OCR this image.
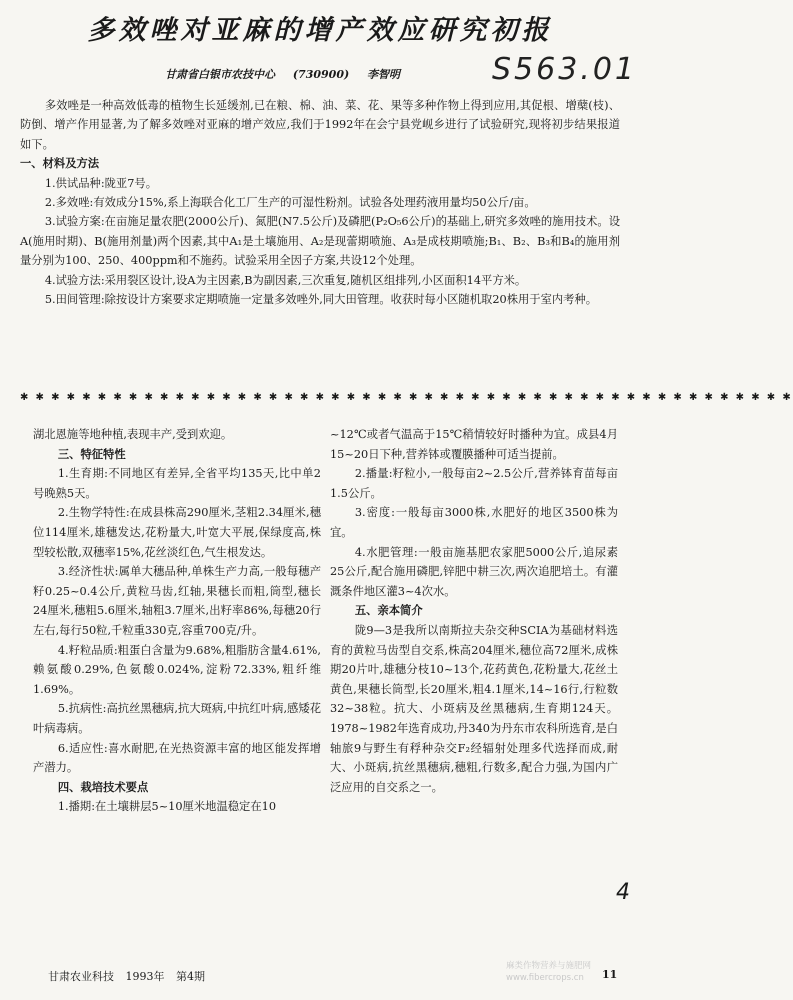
多效唑对亚麻的增产效应研究初报
甘肃省白银市农技中心 (730900) 李智明	S563.01

多效唑是一种高效低毒的植物生长延缓剂,已在粮、棉、油、菜、花、果等多种作物上得到应用,其促根、增蘖(枝)、防倒、增产作用显著,为了解多效唑对亚麻的增产效应,我们于1992年在会宁县党岘乡进行了试验研究,现将初步结果报道如下。

一、材料及方法

1.供试品种:陇亚7号。

2.多效唑:有效成分15%,系上海联合化工厂生产的可湿性粉剂。试验各处理药液用量均50公斤/亩。

3.试验方案:在亩施足量农肥(2000公斤)、氮肥(N7.5公斤)及磷肥(P₂O₅6公斤)的基础上,研究多效唑的施用技术。设A(施用时期)、B(施用剂量)两个因素,其中A₁是土壤施用、A₂是现蕾期喷施、A₃是成枝期喷施;B₁、B₂、B₃和B₄的施用剂量分别为100、250、400ppm和不施药。试验采用全因子方案,共设12个处理。

4.试验方法:采用裂区设计,设A为主因素,B为副因素,三次重复,随机区组排列,小区面积14平方米。

5.田间管理:除按设计方案要求定期喷施一定量多效唑外,同大田管理。收获时每小区随机取20株用于室内考种。

✱ ✱ ✱ ✱ ✱ ✱ ✱ ✱ ✱ ✱ ✱ ✱ ✱ ✱ ✱ ✱ ✱ ✱ ✱ ✱ ✱ ✱ ✱ ✱ ✱ ✱ ✱ ✱ ✱ ✱ ✱ ✱ ✱ ✱ ✱ ✱ ✱ ✱ ✱ ✱ ✱ ✱ ✱ ✱ ✱ ✱ ✱ ✱ ✱ ✱

湖北恩施等地种植,表现丰产,受到欢迎。

三、特征特性

1.生育期:不同地区有差异,全省平均135天,比中单2号晚熟5天。

2.生物学特性:在成县株高290厘米,茎粗2.34厘米,穗位114厘米,雄穗发达,花粉量大,叶宽大平展,保绿度高,株型较松散,双穗率15%,花丝淡红色,气生根发达。

3.经济性状:属单大穗品种,单株生产力高,一般每穗产籽0.25~0.4公斤,黄粒马齿,红轴,果穗长而粗,筒型,穗长24厘米,穗粗5.6厘米,轴粗3.7厘米,出籽率86%,每穗20行左右,每行50粒,千粒重330克,容重700克/升。

4.籽粒品质:粗蛋白含量为9.68%,粗脂肪含量4.61%,赖氨酸0.29%,色氨酸0.024%,淀粉72.33%,粗纤维1.69%。

5.抗病性:高抗丝黑穗病,抗大斑病,中抗红叶病,感矮花叶病毒病。

6.适应性:喜水耐肥,在光热资源丰富的地区能发挥增产潜力。

四、栽培技术要点

1.播期:在土壤耕层5~10厘米地温稳定在10

~12℃或者气温高于15℃稍情较好时播种为宜。成县4月15~20日下种,营养钵或覆膜播种可适当提前。

2.播量:籽粒小,一般每亩2~2.5公斤,营养钵育苗每亩1.5公斤。

3.密度:一般每亩3000株,水肥好的地区3500株为宜。

4.水肥管理:一般亩施基肥农家肥5000公斤,追尿素25公斤,配合施用磷肥,锌肥中耕三次,两次追肥培土。有灌溉条件地区灌3~4次水。

五、亲本简介

陇9—3是我所以南斯拉夫杂交种SCIA为基础材料选育的黄粒马齿型自交系,株高204厘米,穗位高72厘米,成株期20片叶,雄穗分枝10~13个,花药黄色,花粉量大,花丝土黄色,果穗长筒型,长20厘米,粗4.1厘米,14~16行,行粒数32~38粒。抗大、小斑病及丝黑穗病,生育期124天。1978~1982年选育成功,丹340为丹东市农科所选育,是白轴旅9与野生有稃种杂交F₂经辐射处理多代选择而成,耐大、小斑病,抗丝黑穗病,穗粗,行数多,配合力强,为国内广泛应用的自交系之一。

4
甘肃农业科技 1993年 第4期
麻类作物营养与施肥网 www.fibercrops.cn	11
